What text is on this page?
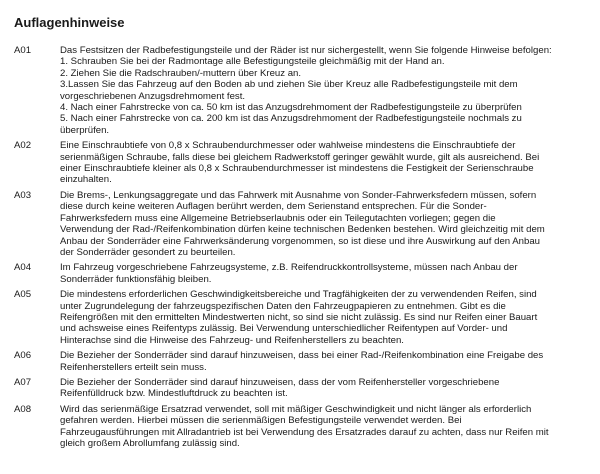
Auflagenhinweise
A01	Das Festsitzen der Radbefestigungsteile und der Räder ist nur sichergestellt, wenn Sie folgende Hinweise befolgen:
1. Schrauben Sie bei der Radmontage alle Befestigungsteile gleichmäßig mit der Hand an.
2. Ziehen Sie die Radschrauben/-muttern über Kreuz an.
3.Lassen Sie das Fahrzeug auf den Boden ab und ziehen Sie über Kreuz alle Radbefestigungsteile mit dem
vorgeschriebenen Anzugsdrehmoment fest.
4. Nach einer Fahrstrecke von ca. 50 km ist das Anzugsdrehmoment der Radbefestigungsteile zu überprüfen
5. Nach einer Fahrstrecke von ca. 200 km ist das Anzugsdrehmoment der Radbefestigungsteile nochmals zu
überprüfen.
A02	Eine Einschraubtiefe von 0,8 x Schraubendurchmesser oder wahlweise mindestens die Einschraubtiefe der
serienmäßigen Schraube, falls diese bei gleichem Radwerkstoff geringer gewählt wurde, gilt als ausreichend. Bei
einer Einschraubtiefe kleiner als 0,8 x Schraubendurchmesser ist mindestens die Festigkeit der Serienschraube
einzuhalten.
A03	Die Brems-, Lenkungsaggregate und das Fahrwerk mit Ausnahme von Sonder-Fahrwerksfedern müssen, sofern
diese durch keine weiteren Auflagen berührt werden, dem Serienstand entsprechen. Für die Sonder-
Fahrwerksfedern muss eine Allgemeine Betriebserlaubnis oder ein Teilegutachten vorliegen; gegen die
Verwendung der Rad-/Reifenkombination dürfen keine technischen Bedenken bestehen. Wird gleichzeitig mit dem
Anbau der Sonderräder eine Fahrwerksänderung vorgenommen, so ist diese und ihre Auswirkung auf den Anbau
der Sonderräder gesondert zu beurteilen.
A04	Im Fahrzeug vorgeschriebene Fahrzeugsysteme, z.B. Reifendruckkontrollsysteme, müssen nach Anbau der
Sonderräder funktionsfähig bleiben.
A05	Die mindestens erforderlichen Geschwindigkeitsbereiche und Tragfähigkeiten der zu verwendenden Reifen, sind
unter Zugrundelegung der fahrzeugspezifischen Daten den Fahrzeugpapieren zu entnehmen. Gibt es die
Reifengrößen mit den ermittelten Mindestwerten nicht, so sind sie nicht zulässig. Es sind nur Reifen einer Bauart
und achsweise eines Reifentyps zulässig. Bei Verwendung unterschiedlicher Reifentypen auf Vorder- und
Hinterachse sind die Hinweise des Fahrzeug- und Reifenherstellers zu beachten.
A06	Die Bezieher der Sonderräder sind darauf hinzuweisen, dass bei einer Rad-/Reifenkombination eine Freigabe des
Reifenherstellers erteilt sein muss.
A07	Die Bezieher der Sonderräder sind darauf hinzuweisen, dass der vom Reifenhersteller vorgeschriebene
Reifenfülldruck bzw. Mindestluftdruck zu beachten ist.
A08	Wird das serienmäßige Ersatzrad verwendet, soll mit mäßiger Geschwindigkeit und nicht länger als erforderlich
gefahren werden. Hierbei müssen die serienmäßigen Befestigungsteile verwendet werden. Bei
Fahrzeugausführungen mit Allradantrieb ist bei Verwendung des Ersatzrades darauf zu achten, dass nur Reifen mit
gleich großem Abrollumfang zulässig sind.
